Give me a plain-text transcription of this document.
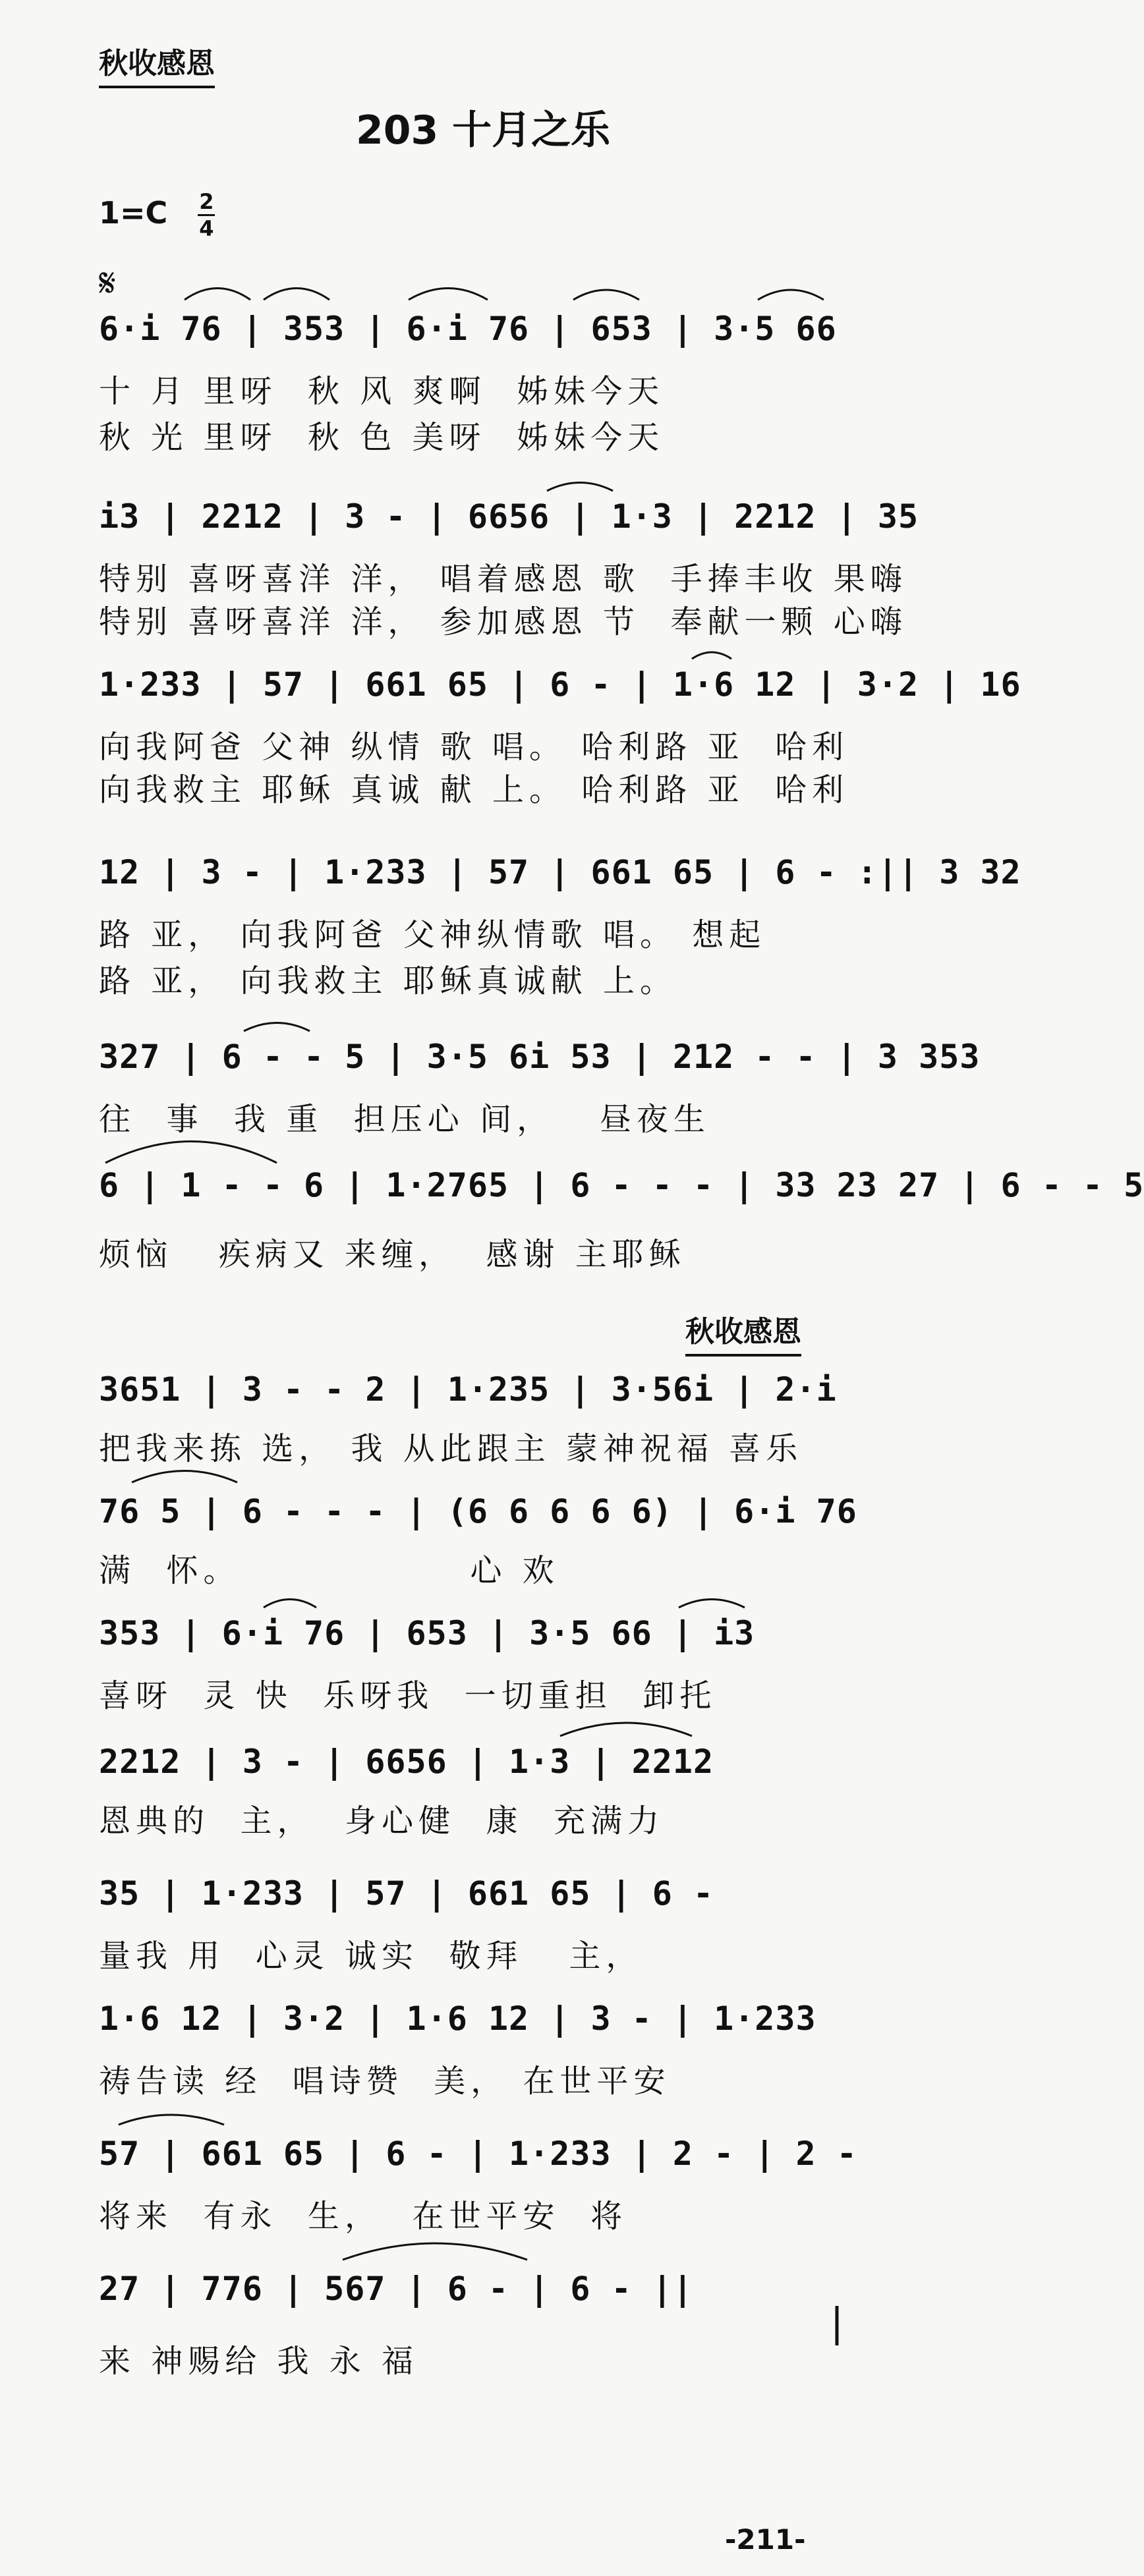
秋收感恩
203 十月之乐
$1=C \frac{2}{4}$
𝄋
6·i 76 | 353 | 6·i 76 | 653 | 3·5 66
十 月 里呀  秋 风 爽啊  姊妹今天
秋 光 里呀  秋 色 美呀  姊妹今天
i3 | 2212 | 3 - | 6656 | 1·3 | 2212 | 35
特别 喜呀喜洋 洋， 唱着感恩 歌  手捧丰收 果嗨
特别 喜呀喜洋 洋， 参加感恩 节  奉献一颗 心嗨
1·233 | 57 | 661 65 | 6 - | 1·6 12 | 3·2 | 16
向我阿爸 父神 纵情 歌 唱。 哈利路 亚  哈利
向我救主 耶稣 真诚 献 上。 哈利路 亚  哈利
12 | 3 - | 1·233 | 57 | 661 65 | 6 - :|| 3 32
路 亚， 向我阿爸 父神纵情歌 唱。 想起
路 亚， 向我救主 耶稣真诚献 上。
327 | 6 - - 5 | 3·5 6i 53 | 212 - - | 3 353
往  事  我 重  担压心 间，   昼夜生
6 | 1 - - 6 | 1·2765 | 6 - - - | 33 23 27 | 6 - - 5
烦恼   疾病又 来缠，  感谢 主耶稣
秋收感恩
3651 | 3 - - 2 | 1·235 | 3·56i | 2·i
把我来拣 选， 我 从此跟主 蒙神祝福 喜乐
76 5 | 6 - - - | (6 6 6 6 6) | 6·i 76
满  怀。               心 欢
353 | 6·i 76 | 653 | 3·5 66 | i3
喜呀  灵 快  乐呀我  一切重担  卸托
2212 | 3 - | 6656 | 1·3 | 2212
恩典的  主，  身心健  康  充满力
35 | 1·233 | 57 | 661 65 | 6 -
量我 用  心灵 诚实  敬拜   主，
1·6 12 | 3·2 | 1·6 12 | 3 - | 1·233
祷告读 经  唱诗赞  美， 在世平安
57 | 661 65 | 6 - | 1·233 | 2 - | 2 -
将来  有永  生，  在世平安  将
27 | 776 | 567 | 6 - | 6 - ||
来 神赐给 我 永 福
-211-
